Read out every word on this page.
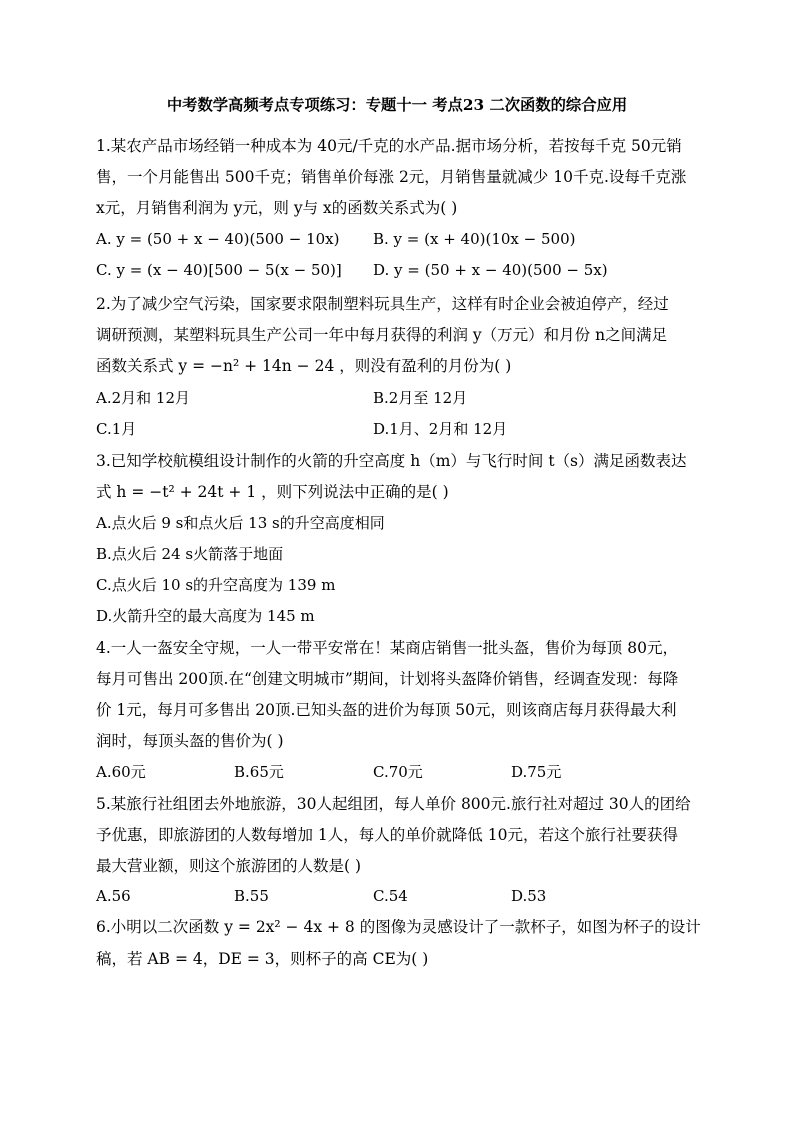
中考数学高频考点专项练习：专题十一 考点23 二次函数的综合应用
1.某农产品市场经销一种成本为 40元/千克的水产品.据市场分析，若按每千克 50元销
售，一个月能售出 500千克；销售单价每涨 2元，月销售量就减少 10千克.设每千克涨
x元，月销售利润为 y元，则 y与 x的函数关系式为( )
A. y = (50 + x − 40)(500 − 10x) B. y = (x + 40)(10x − 500)
C. y = (x − 40)[500 − 5(x − 50)] D. y = (50 + x − 40)(500 − 5x)
2.为了减少空气污染，国家要求限制塑料玩具生产，这样有时企业会被迫停产，经过
调研预测，某塑料玩具生产公司一年中每月获得的利润 y（万元）和月份 n之间满足
函数关系式 y = −n² + 14n − 24 ，则没有盈利的月份为( )
A.2月和 12月	B.2月至 12月
C.1月	D.1月、2月和 12月
3.已知学校航模组设计制作的火箭的升空高度 h（m）与飞行时间 t（s）满足函数表达
式 h = −t² + 24t + 1 ，则下列说法中正确的是( )
A.点火后 9 s和点火后 13 s的升空高度相同
B.点火后 24 s火箭落于地面
C.点火后 10 s的升空高度为 139 m
D.火箭升空的最大高度为 145 m
4.一人一盔安全守规，一人一带平安常在！某商店销售一批头盔，售价为每顶 80元，
每月可售出 200顶.在“创建文明城市”期间，计划将头盔降价销售，经调查发现：每降
价 1元，每月可多售出 20顶.已知头盔的进价为每顶 50元，则该商店每月获得最大利
润时，每顶头盔的售价为( )
A.60元	B.65元	C.70元	D.75元
5.某旅行社组团去外地旅游，30人起组团，每人单价 800元.旅行社对超过 30人的团给
予优惠，即旅游团的人数每增加 1人，每人的单价就降低 10元，若这个旅行社要获得
最大营业额，则这个旅游团的人数是( )
A.56	B.55	C.54	D.53
6.小明以二次函数 y = 2x² − 4x + 8 的图像为灵感设计了一款杯子，如图为杯子的设计
稿，若 AB = 4，DE = 3，则杯子的高 CE为( )
